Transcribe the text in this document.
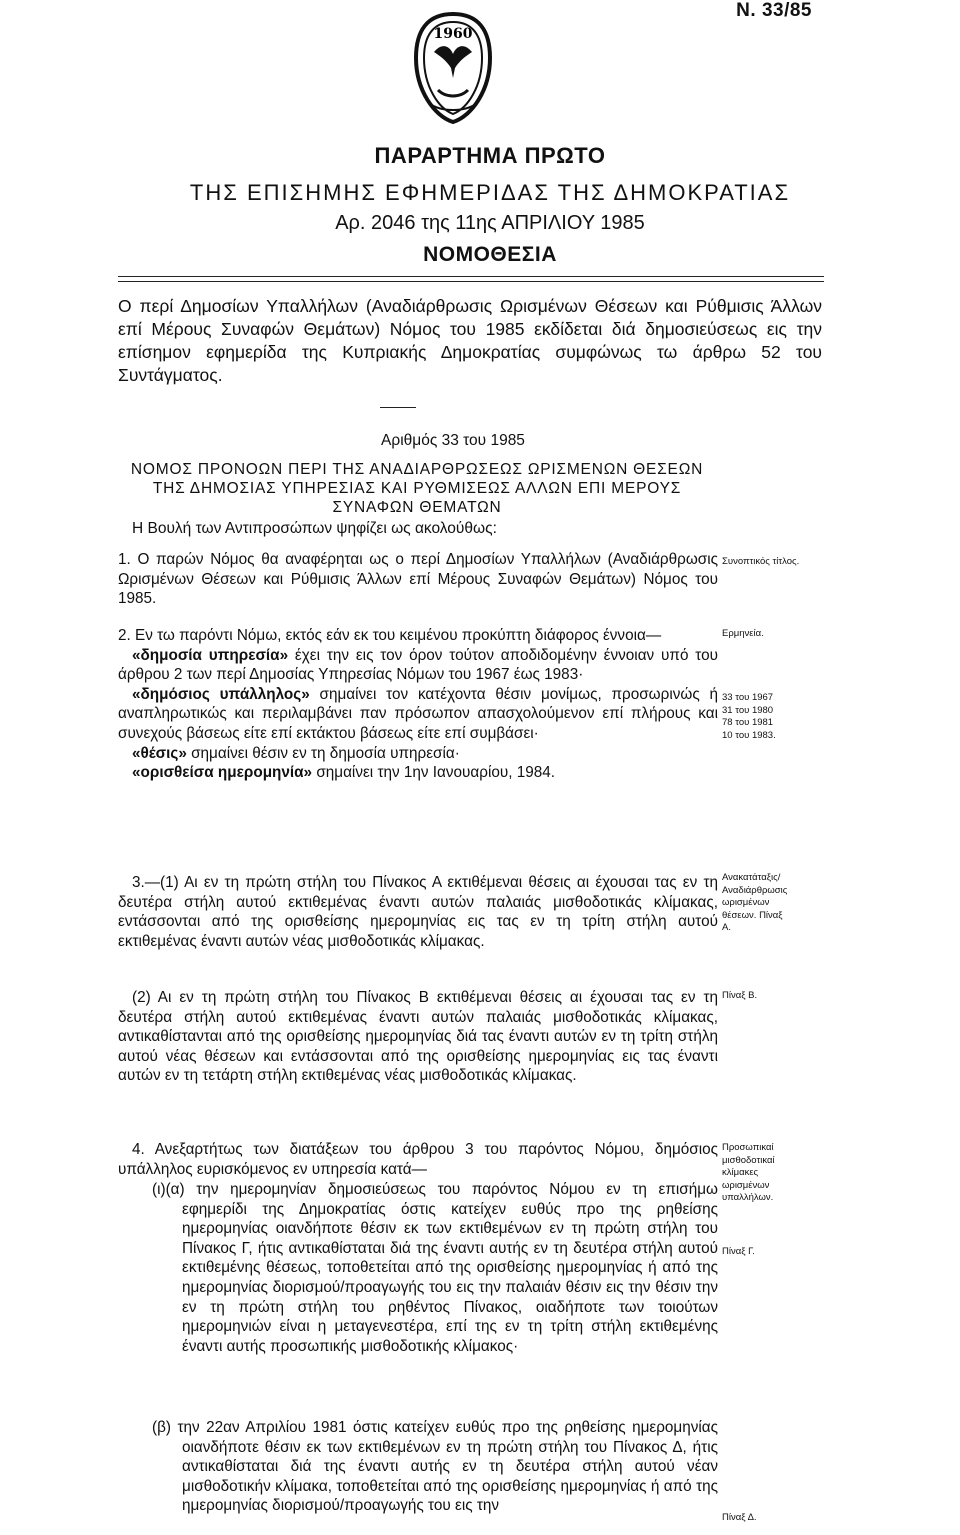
N. 33/85
1960
ΠΑΡΑΡΤΗΜΑ ΠΡΩΤΟ
ΤΗΣ ΕΠΙΣΗΜΗΣ ΕΦΗΜΕΡΙΔΑΣ ΤΗΣ ΔΗΜΟΚΡΑΤΙΑΣ
Αρ. 2046 της 11ης ΑΠΡΙΛΙΟΥ 1985
ΝΟΜΟΘΕΣΙΑ
Ο περί Δημοσίων Υπαλλήλων (Αναδιάρθρωσις Ωρισμένων Θέσεων και Ρύθμισις Άλλων επί Μέρους Συναφών Θεμάτων) Νόμος του 1985 εκδίδεται διά δημοσιεύσεως εις την επίσημον εφημερίδα της Κυπριακής Δημοκρατίας συμφώνως τω άρθρω 52 του Συντάγματος.
Αριθμός 33 του 1985
ΝΟΜΟΣ ΠΡΟΝΟΩΝ ΠΕΡΙ ΤΗΣ ΑΝΑΔΙΑΡΘΡΩΣΕΩΣ ΩΡΙΣΜΕΝΩΝ ΘΕΣΕΩΝ ΤΗΣ ΔΗΜΟΣΙΑΣ ΥΠΗΡΕΣΙΑΣ ΚΑΙ ΡΥΘΜΙΣΕΩΣ ΑΛΛΩΝ ΕΠΙ ΜΕΡΟΥΣ ΣΥΝΑΦΩΝ ΘΕΜΑΤΩΝ
Η Βουλή των Αντιπροσώπων ψηφίζει ως ακολούθως:

1. Ο παρών Νόμος θα αναφέρηται ως ο περί Δημοσίων Υπαλλήλων (Αναδιάρθρωσις Ωρισμένων Θέσεων και Ρύθμισις Άλλων επί Μέρους Συναφών Θεμάτων) Νόμος του 1985.

2. Εν τω παρόντι Νόμω, εκτός εάν εκ του κειμένου προκύπτη διάφορος έννοια—

«δημοσία υπηρεσία» έχει την εις τον όρον τούτον αποδιδομένην έννοιαν υπό του άρθρου 2 των περί Δημοσίας Υπηρεσίας Νόμων του 1967 έως 1983·

«δημόσιος υπάλληλος» σημαίνει τον κατέχοντα θέσιν μονίμως, προσωρινώς ή αναπληρωτικώς και περιλαμβάνει παν πρόσωπον απασχολούμενον επί πλήρους και συνεχούς βάσεως είτε επί εκτάκτου βάσεως είτε επί συμβάσει·

«θέσις» σημαίνει θέσιν εν τη δημοσία υπηρεσία·

«ορισθείσα ημερομηνία» σημαίνει την 1ην Ιανουαρίου, 1984.

3.—(1) Αι εν τη πρώτη στήλη του Πίνακος Α εκτιθέμεναι θέσεις αι έχουσαι τας εν τη δευτέρα στήλη αυτού εκτιθεμένας έναντι αυτών παλαιάς μισθοδοτικάς κλίμακας, εντάσσονται από της ορισθείσης ημερομηνίας εις τας εν τη τρίτη στήλη αυτού εκτιθεμένας έναντι αυτών νέας μισθοδοτικάς κλίμακας.

(2) Αι εν τη πρώτη στήλη του Πίνακος Β εκτιθέμεναι θέσεις αι έχουσαι τας εν τη δευτέρα στήλη αυτού εκτιθεμένας έναντι αυτών παλαιάς μισθοδοτικάς κλίμακας, αντικαθίστανται από της ορισθείσης ημερομηνίας διά τας έναντι αυτών εν τη τρίτη στήλη αυτού νέας θέσεων και εντάσσονται από της ορισθείσης ημερομηνίας εις τας έναντι αυτών εν τη τετάρτη στήλη εκτιθεμένας νέας μισθοδοτικάς κλίμακας.

4. Ανεξαρτήτως των διατάξεων του άρθρου 3 του παρόντος Νόμου, δημόσιος υπάλληλος ευρισκόμενος εν υπηρεσία κατά—

(ι)(α) την ημερομηνίαν δημοσιεύσεως του παρόντος Νόμου εν τη επισήμω εφημερίδι της Δημοκρατίας όστις κατείχεν ευθύς προ της ρηθείσης ημερομηνίας οιανδήποτε θέσιν εκ των εκτιθεμένων εν τη πρώτη στήλη του Πίνακος Γ, ήτις αντικαθίσταται διά της έναντι αυτής εν τη δευτέρα στήλη αυτού εκτιθεμένης θέσεως, τοποθετείται από της ορισθείσης ημερομηνίας ή από της ημερομηνίας διορισμού/προαγωγής του εις την παλαιάν θέσιν εις την θέσιν την εν τη πρώτη στήλη του ρηθέντος Πίνακος, οιαδήποτε των τοιούτων ημερομηνιών είναι η μεταγενεστέρα, επί της εν τη τρίτη στήλη εκτιθεμένης έναντι αυτής προσωπικής μισθοδοτικής κλίμακος·

(β) την 22αν Απριλίου 1981 όστις κατείχεν ευθύς προ της ρηθείσης ημερομηνίας οιανδήποτε θέσιν εκ των εκτιθεμένων εν τη πρώτη στήλη του Πίνακος Δ, ήτις αντικαθίσταται διά της έναντι αυτής εν τη δευτέρα στήλη αυτού νέαν μισθοδοτικήν κλίμακα, τοποθετείται από της ορισθείσης ημερομηνίας ή από της ημερομηνίας διορισμού/προαγωγής του εις την

Συνοπτικός τίτλος.
Ερμηνεία.
33 του 1967 31 του 1980 78 του 1981 10 του 1983.
Ανακατάταξις/ Αναδιάρθρωσις ωρισμένων θέσεων. Πίναξ Α.
Πίναξ Β.
Προσωπικαί μισθοδοτικαί κλίμακες ωρισμένων υπαλλήλων.
Πίναξ Γ.
Πίναξ Δ.
